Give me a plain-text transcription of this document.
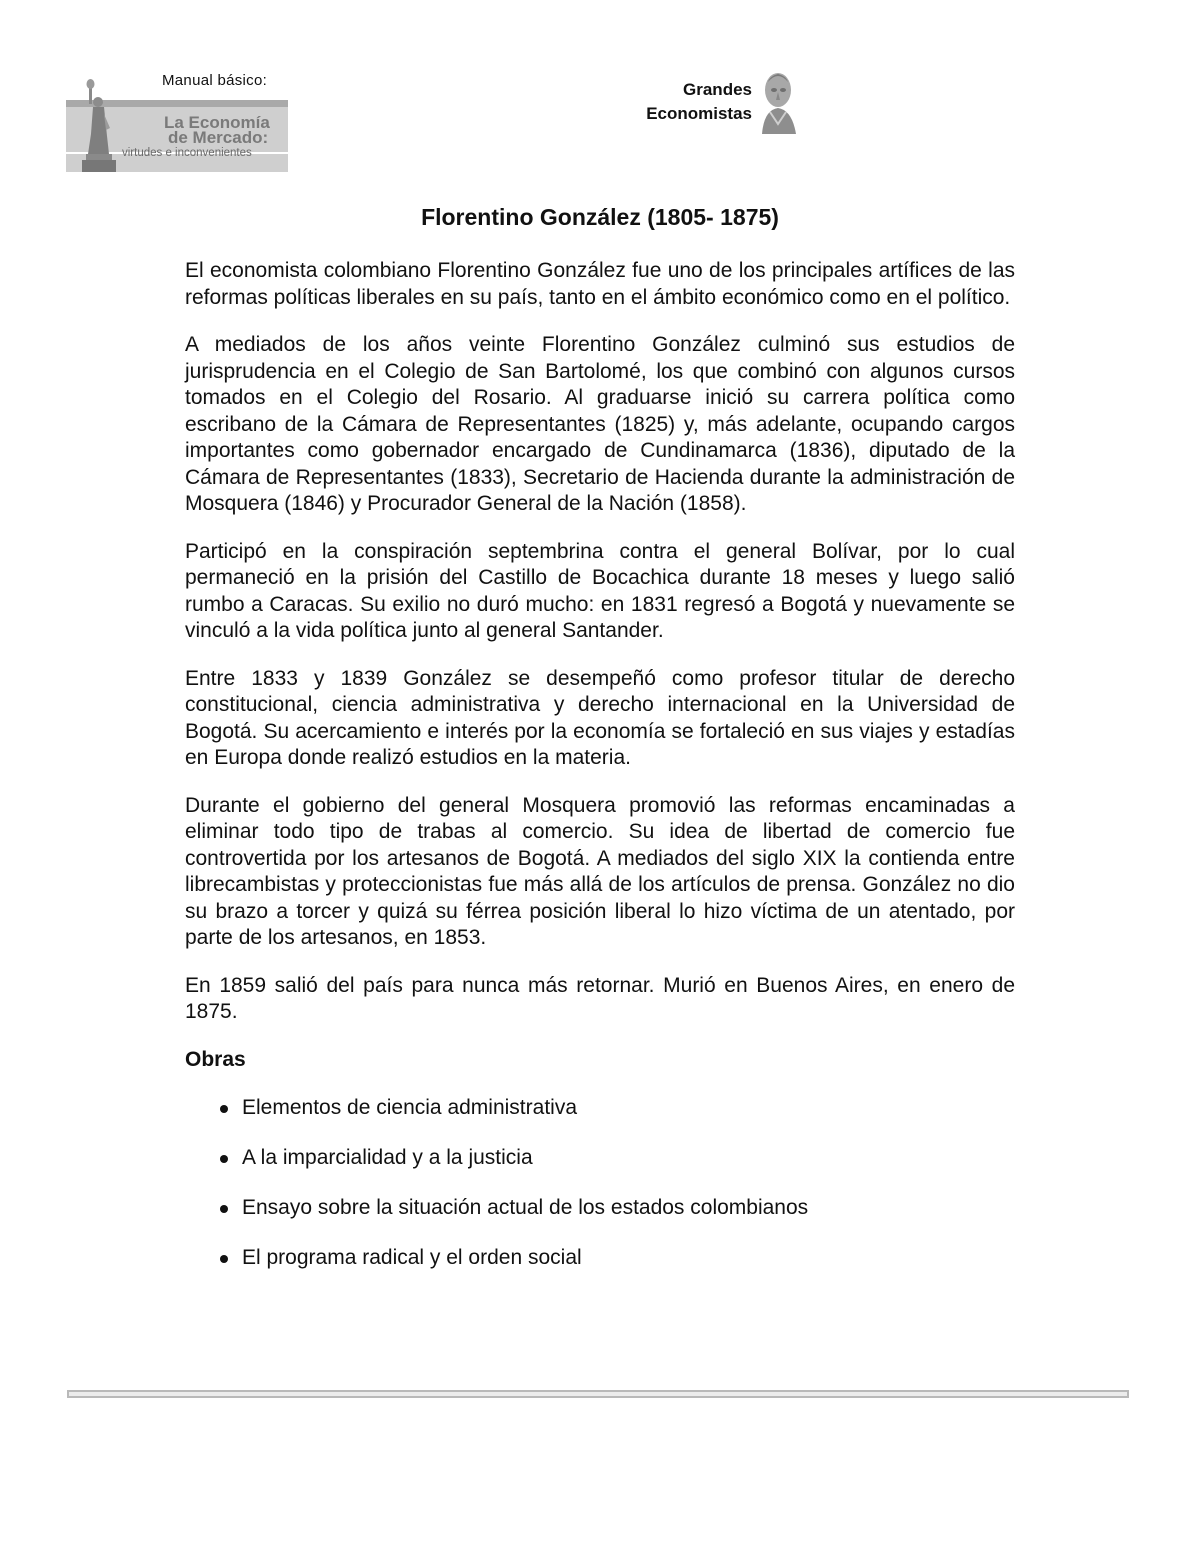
Manual básico:
La Economía
de Mercado:
virtudes e inconvenientes
Grandes
Economistas
Florentino González (1805- 1875)

El economista colombiano Florentino González fue uno de los principales artífices de las reformas políticas liberales en su país, tanto en el ámbito económico como en el político.

A mediados de los años veinte Florentino González culminó sus estudios de jurisprudencia en el Colegio de San Bartolomé, los que combinó con algunos cursos tomados en el Colegio del Rosario. Al graduarse inició su carrera política como escribano de la Cámara de Representantes (1825) y, más adelante, ocupando cargos importantes como gobernador encargado de Cundinamarca (1836), diputado de la Cámara de Representantes (1833), Secretario de Hacienda durante la administración de Mosquera (1846) y Procurador General de la Nación (1858).

Participó en la conspiración septembrina contra el general Bolívar, por lo cual permaneció en la prisión del Castillo de Bocachica durante 18 meses y luego salió rumbo a Caracas. Su exilio no duró mucho: en 1831 regresó a Bogotá y nuevamente se vinculó a la vida política junto al general Santander.

Entre 1833 y 1839 González se desempeñó como profesor titular de derecho constitucional, ciencia administrativa y derecho internacional en la Universidad de Bogotá. Su acercamiento e interés por la economía se fortaleció en sus viajes y estadías en Europa donde realizó estudios en la materia.

Durante el gobierno del general Mosquera promovió las reformas encaminadas a eliminar todo tipo de trabas al comercio. Su idea de libertad de comercio fue controvertida por los artesanos de Bogotá. A mediados del siglo XIX la contienda entre librecambistas y proteccionistas fue más allá de los artículos de prensa. González no dio su brazo a torcer y quizá su férrea posición liberal lo hizo víctima de un atentado, por parte de los artesanos, en 1853.

En 1859 salió del país para nunca más retornar. Murió en Buenos Aires, en enero de 1875.

Obras
Elementos de ciencia administrativa
A la imparcialidad y a la justicia
Ensayo sobre la situación actual de los estados colombianos
El programa radical y el orden social
